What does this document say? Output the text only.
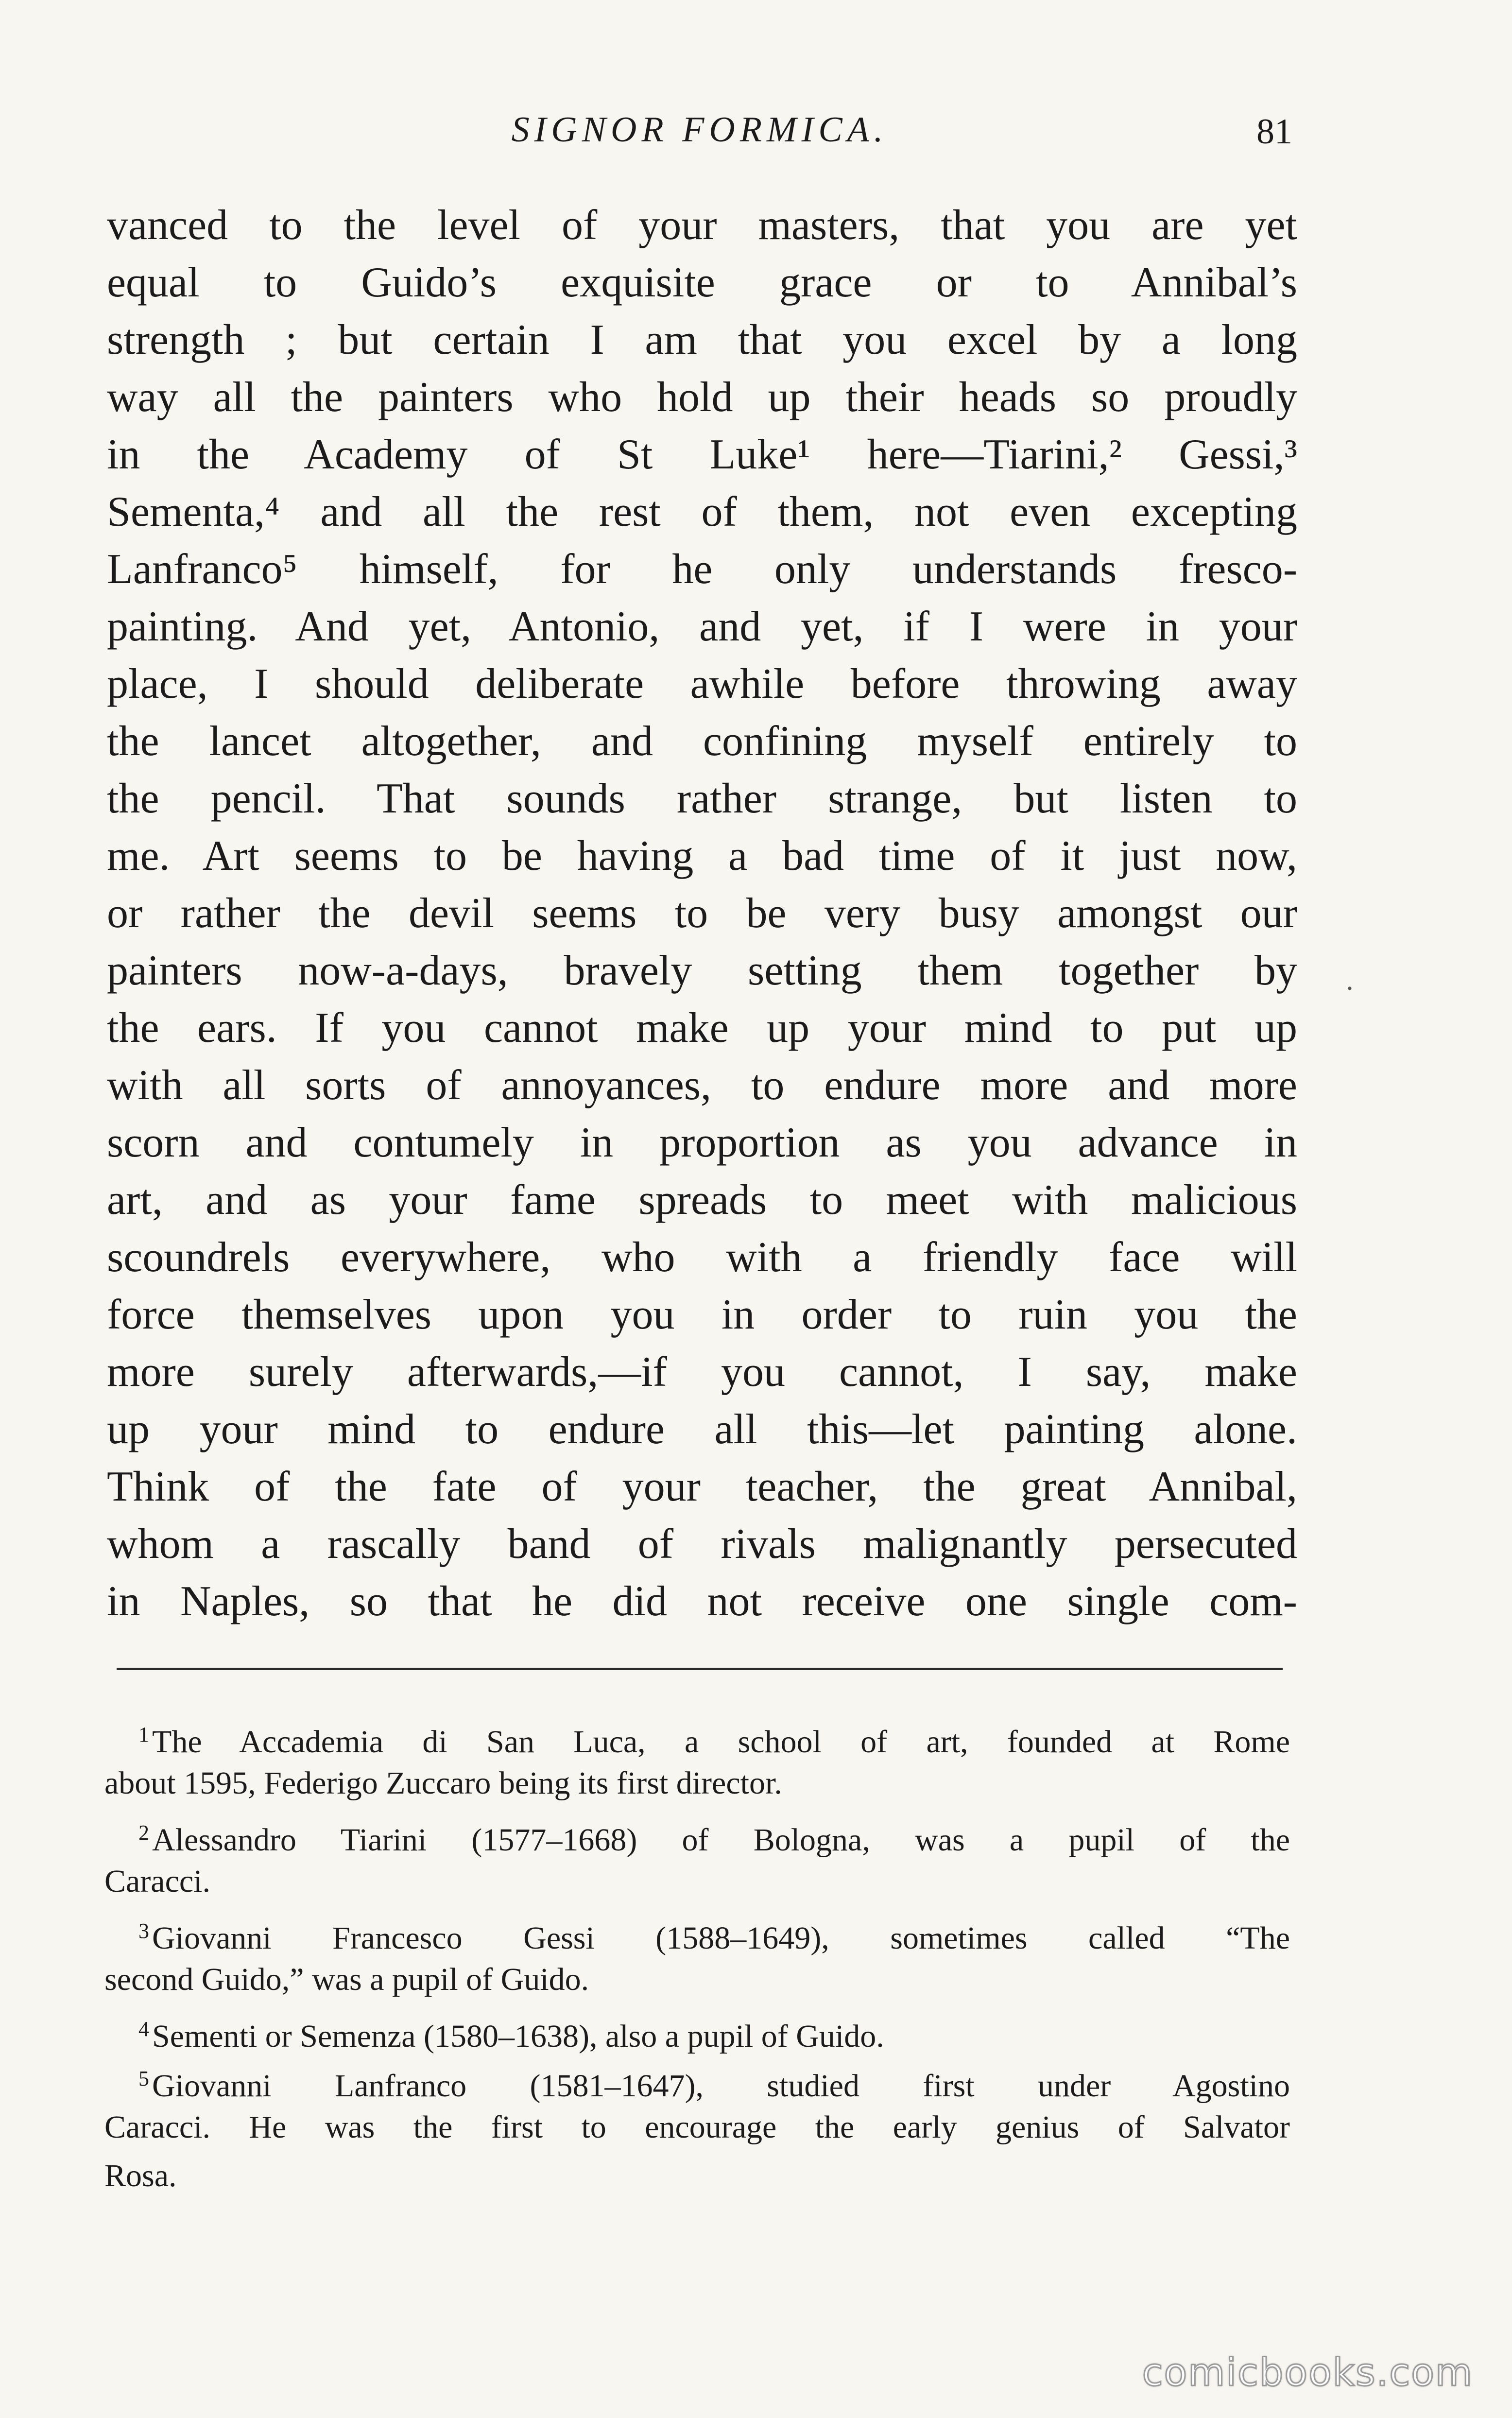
SIGNOR FORMICA.	81
vanced to the level of your masters, that you are yet
equal to Guido’s exquisite grace or to Annibal’s
strength ; but certain I am that you excel by a long
way all the painters who hold up their heads so proudly
in the Academy of St Luke¹ here—Tiarini,² Gessi,³
Sementa,⁴ and all the rest of them, not even excepting
Lanfranco⁵ himself, for he only understands fresco-
painting. And yet, Antonio, and yet, if I were in your
place, I should deliberate awhile before throwing away
the lancet altogether, and confining myself entirely to
the pencil. That sounds rather strange, but listen to
me. Art seems to be having a bad time of it just now,
or rather the devil seems to be very busy amongst our
painters now-a-days, bravely setting them together by
the ears. If you cannot make up your mind to put up
with all sorts of annoyances, to endure more and more
scorn and contumely in proportion as you advance in
art, and as your fame spreads to meet with malicious
scoundrels everywhere, who with a friendly face will
force themselves upon you in order to ruin you the
more surely afterwards,—if you cannot, I say, make
up your mind to endure all this—let painting alone.
Think of the fate of your teacher, the great Annibal,
whom a rascally band of rivals malignantly persecuted
in Naples, so that he did not receive one single com-
·
$^1$The Accademia di San Luca, a school of art, founded at Rome
about 1595, Federigo Zuccaro being its first director.
$^2$Alessandro Tiarini (1577–1668) of Bologna, was a pupil of the
Caracci.
$^3$Giovanni Francesco Gessi (1588–1649), sometimes called “The
second Guido,” was a pupil of Guido.
$^4$Sementi or Semenza (1580–1638), also a pupil of Guido.
$^5$Giovanni Lanfranco (1581–1647), studied first under Agostino
Caracci. He was the first to encourage the early genius of Salvator
Rosa.
comicbooks.com
